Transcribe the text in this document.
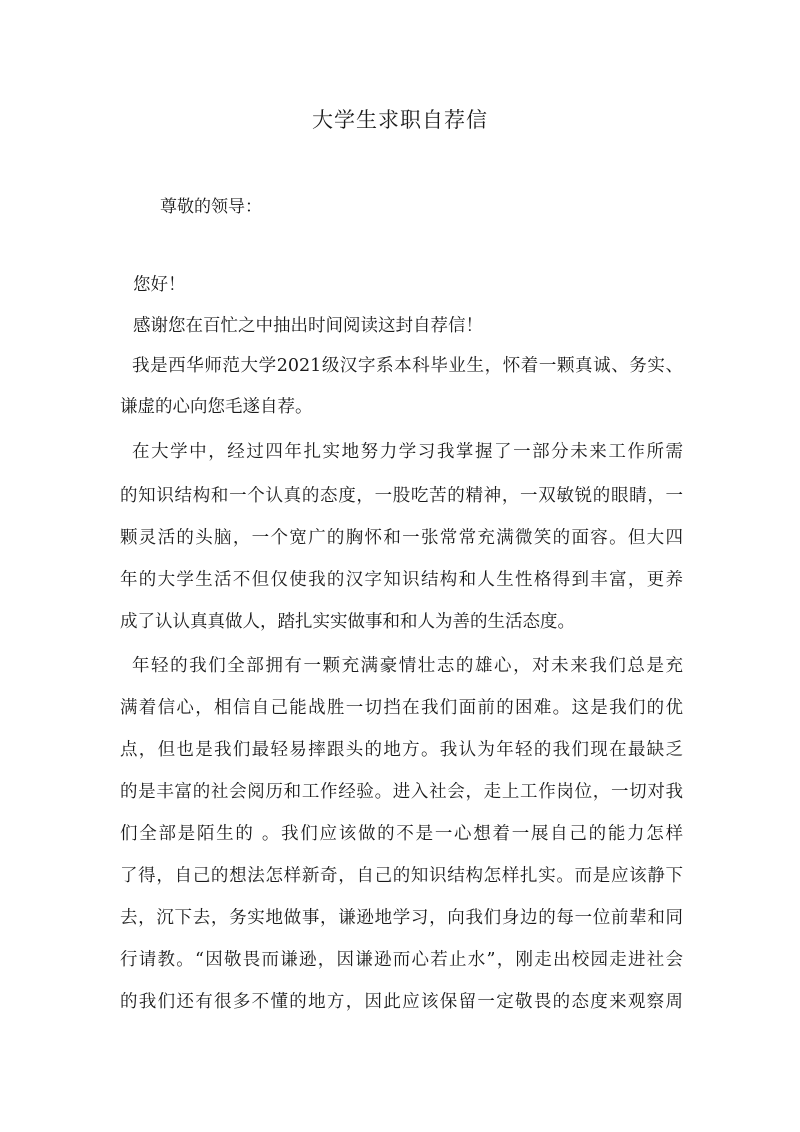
大学生求职自荐信
尊敬的领导：
您好！
感谢您在百忙之中抽出时间阅读这封自荐信！
我是西华师范大学2021级汉字系本科毕业生，怀着一颗真诚、务实、
谦虚的心向您毛遂自荐。
在大学中，经过四年扎实地努力学习我掌握了一部分未来工作所需
的知识结构和一个认真的态度，一股吃苦的精神，一双敏锐的眼睛，一
颗灵活的头脑，一个宽广的胸怀和一张常常充满微笑的面容。但大四
年的大学生活不但仅使我的汉字知识结构和人生性格得到丰富，更养
成了认认真真做人，踏扎实实做事和和人为善的生活态度。
年轻的我们全部拥有一颗充满豪情壮志的雄心，对未来我们总是充
满着信心，相信自己能战胜一切挡在我们面前的困难。这是我们的优
点，但也是我们最轻易摔跟头的地方。我认为年轻的我们现在最缺乏
的是丰富的社会阅历和工作经验。进入社会，走上工作岗位，一切对我
们全部是陌生的 。我们应该做的不是一心想着一展自己的能力怎样
了得，自己的想法怎样新奇，自己的知识结构怎样扎实。而是应该静下
去，沉下去，务实地做事，谦逊地学习，向我们身边的每一位前辈和同
行请教。“因敬畏而谦逊，因谦逊而心若止水”，刚走出校园走进社会
的我们还有很多不懂的地方，因此应该保留一定敬畏的态度来观察周
